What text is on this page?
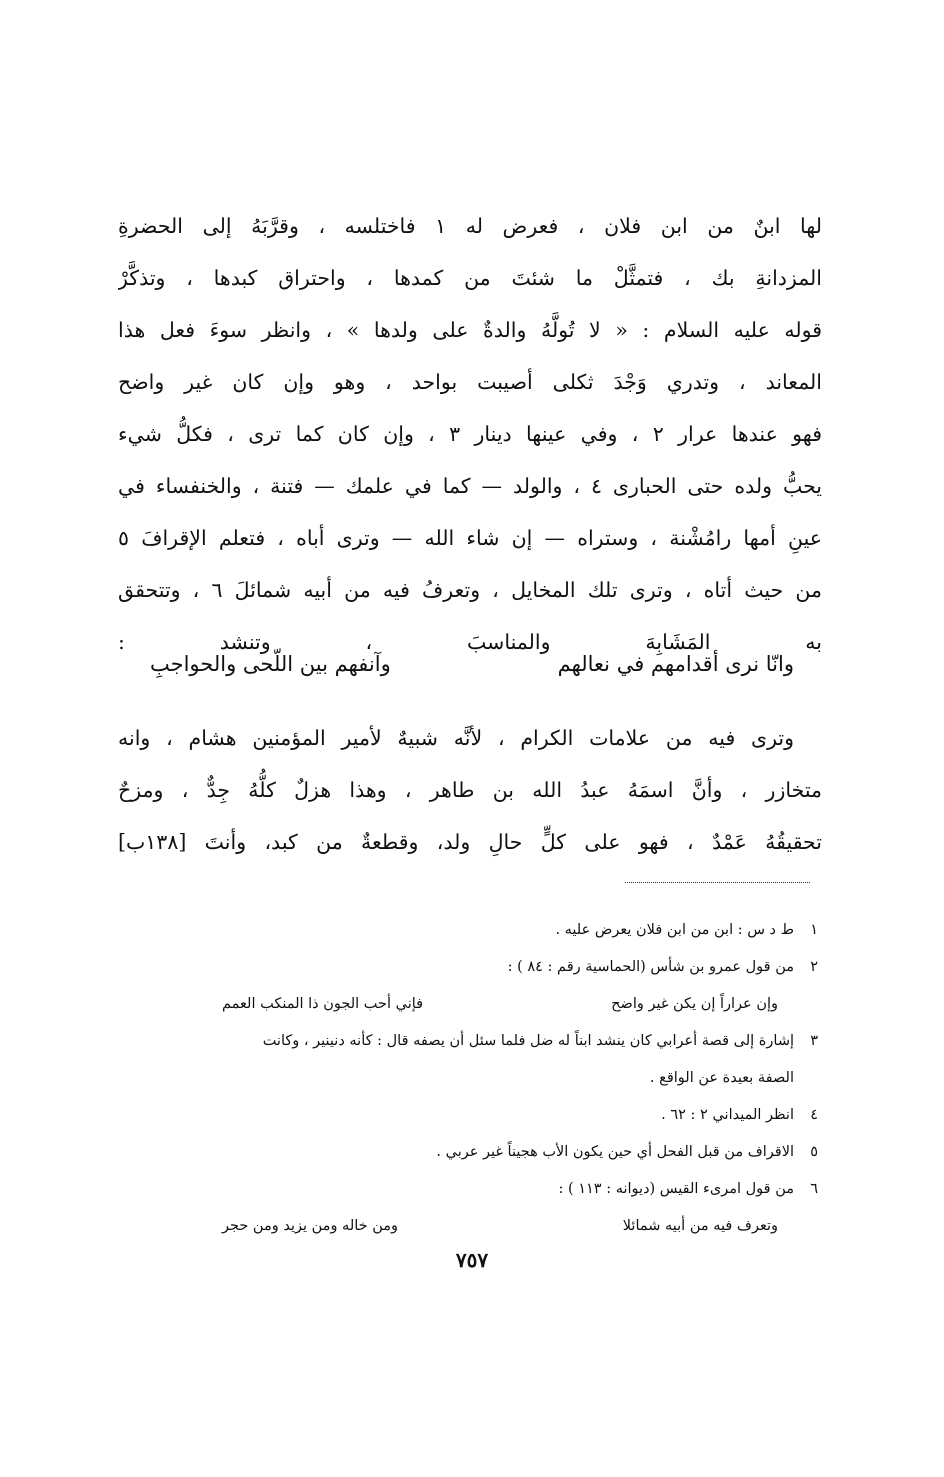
لها ابنٌ من ابن فلان ، فعرض له ١ فاختلسه ، وقرَّبَهُ إلى الحضرةِ
المزدانةِ بك ، فتمثَّلْ ما شئتَ من كمدها ، واحتراق كبدها ، وتذكَّرْ
قوله عليه السلام : « لا تُولَّهُ والدةٌ على ولدها » ، وانظر سوءَ فعل هذا
المعاند ، وتدري وَجْدَ ثكلى أصيبت بواحد ، وهو وإن كان غير واضح
فهو عندها عرار ٢ ، وفي عينها دينار ٣ ، وإن كان كما ترى ، فكلُّ شيء
يحبُّ ولده حتى الحبارى ٤ ، والولد — كما في علمك — فتنة ، والخنفساء في
عينِ أمها رامُشْنة ، وستراه — إن شاء الله — وترى أباه ، فتعلم الإقرافَ ٥
من حيث أتاه ، وترى تلك المخايل ، وتعرفُ فيه من أبيه شمائلَ ٦ ، وتتحقق
به المَشَابِهَ والمناسبَ ، وتنشد :
وانّا نرى أقدامهم في نعالهم
وآنفهم بين اللّحى والحواجبِ
وترى فيه من علامات الكرام ، لأنَّه شبيهٌ لأمير المؤمنين هشام ، وانه
متخازر ، وأنَّ اسمَهُ عبدُ الله بن طاهر ، وهذا هزلٌ كلُّهُ جِدٌّ ، ومزحٌ
تحقيقُهُ عَمْدٌ ، فهو على كلٍّ حالِ ولد، وقطعةٌ من كبد، وأنتَ [١٣٨ب]
١
ط د س : ابن من ابن فلان يعرض عليه .
٢
من قول عمرو بن شأس (الحماسية رقم : ٨٤ ) :
وإن عراراً إن يكن غير واضح
فإني أحب الجون ذا المنكب العمم
٣
إشارة إلى قصة أعرابي كان ينشد ابناً له ضل فلما سئل أن يصفه قال : كأنه دنينير ، وكانت
الصفة بعيدة عن الواقع .
٤
انظر الميداني ٢ : ٦٢ .
٥
الاقراف من قبل الفحل أي حين يكون الأب هجيناً غير عربي .
٦
من قول امرىء القيس (ديوانه : ١١٣ ) :
وتعرف فيه من أبيه شمائلا
ومن خاله ومن يزيد ومن حجر
٧٥٧
